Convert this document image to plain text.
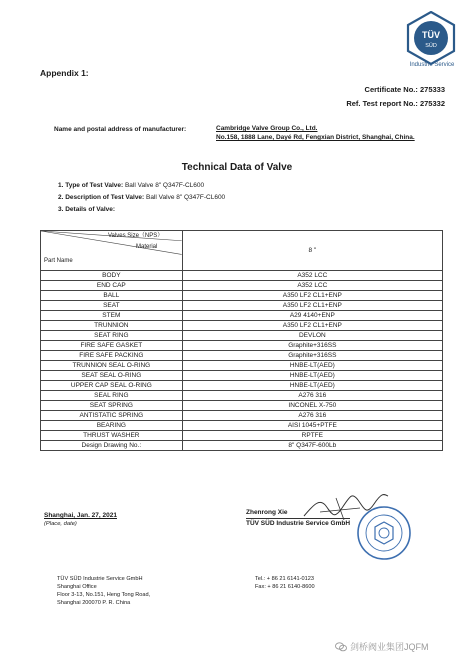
TÜV
SÜD
Industrie Service
Appendix 1:
Certificate No.: 275333
Ref. Test report No.: 275332
Name and postal address of manufacturer:	Cambridge Valve Group Co., Ltd.
No.158, 1888 Lane, Dayé Rd, Fengxian District, Shanghai, China.
Technical Data of Valve
1. Type of Test Valve: Ball Valve 8" Q347F-CL600
2. Description of Test Valve: Ball Valve 8" Q347F-CL600
3. Details of Valve:
Valves Size（NPS）
Material
Part Name	8 "
BODY	A352 LCC
END CAP	A352 LCC
BALL	A350 LF2 CL1+ENP
SEAT	A350 LF2 CL1+ENP
STEM	A29 4140+ENP
TRUNNION	A350 LF2 CL1+ENP
SEAT RING	DEVLON
FIRE SAFE GASKET	Graphite+316SS
FIRE SAFE PACKING	Graphite+316SS
TRUNNION SEAL O-RING	HNBE-LT(AED)
SEAT SEAL O-RING	HNBE-LT(AED)
UPPER CAP SEAL O-RING	HNBE-LT(AED)
SEAL RING	A276 316
SEAT SPRING	INCONEL X-750
ANTISTATIC SPRING	A276 316
BEARING	AISI 1045+PTFE
THRUST WASHER	RPTFE
Design Drawing No.:	8" Q347F-600Lb
Shanghai, Jan. 27, 2021
(Place, date)
Zhenrong Xie
TÜV SÜD Industrie Service GmbH
TÜV SÜD Industrie Service GmbH
Shanghai Office
Floor 3-13, No.151, Heng Tong Road,
Shanghai 200070 P. R. China
Tel.: + 86 21 6141-0123
Fax: + 86 21 6140-8600
剑桥阀业集团JQFM
